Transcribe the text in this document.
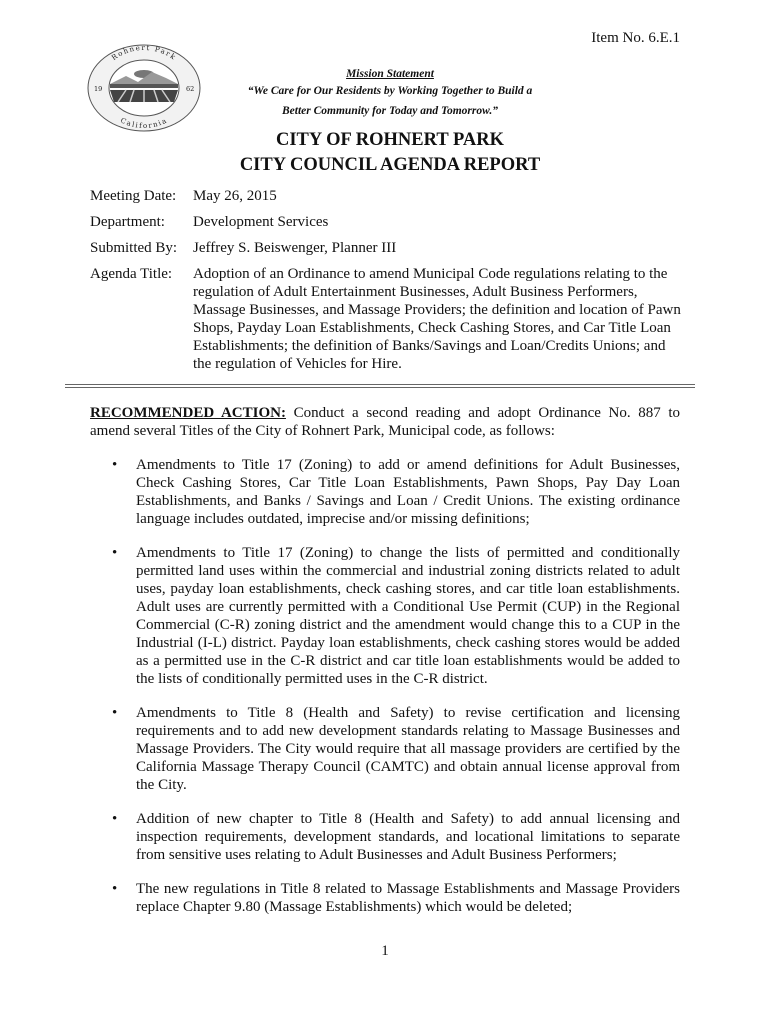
Item No. 6.E.1
Rohnert Park
California
19	62
Mission Statement
“We Care for Our Residents by Working Together to Build a
Better Community for Today and Tomorrow.”
CITY OF ROHNERT PARK
CITY COUNCIL AGENDA REPORT
Meeting Date:	May 26, 2015
Department:	Development Services
Submitted By:	Jeffrey S. Beiswenger, Planner III
Agenda Title:	Adoption of an Ordinance to amend Municipal Code regulations relating to the regulation of Adult Entertainment Businesses, Adult Business Performers, Massage Businesses, and Massage Providers; the definition and location of Pawn Shops, Payday Loan Establishments, Check Cashing Stores, and Car Title Loan Establishments; the definition of Banks/Savings and Loan/Credits Unions; and the regulation of Vehicles for Hire.

RECOMMENDED ACTION: Conduct a second reading and adopt Ordinance No. 887 to amend several Titles of the City of Rohnert Park, Municipal code, as follows:

• Amendments to Title 17 (Zoning) to add or amend definitions for Adult Businesses, Check Cashing Stores, Car Title Loan Establishments, Pawn Shops, Pay Day Loan Establishments, and Banks / Savings and Loan / Credit Unions. The existing ordinance language includes outdated, imprecise and/or missing definitions;
• Amendments to Title 17 (Zoning) to change the lists of permitted and conditionally permitted land uses within the commercial and industrial zoning districts related to adult uses, payday loan establishments, check cashing stores, and car title loan establishments. Adult uses are currently permitted with a Conditional Use Permit (CUP) in the Regional Commercial (C-R) zoning district and the amendment would change this to a CUP in the Industrial (I-L) district. Payday loan establishments, check cashing stores would be added as a permitted use in the C-R district and car title loan establishments would be added to the lists of conditionally permitted uses in the C-R district.
• Amendments to Title 8 (Health and Safety) to revise certification and licensing requirements and to add new development standards relating to Massage Businesses and Massage Providers. The City would require that all massage providers are certified by the California Massage Therapy Council (CAMTC) and obtain annual license approval from the City.
• Addition of new chapter to Title 8 (Health and Safety) to add annual licensing and inspection requirements, development standards, and locational limitations to separate from sensitive uses relating to Adult Businesses and Adult Business Performers;
• The new regulations in Title 8 related to Massage Establishments and Massage Providers replace Chapter 9.80 (Massage Establishments) which would be deleted;
1
